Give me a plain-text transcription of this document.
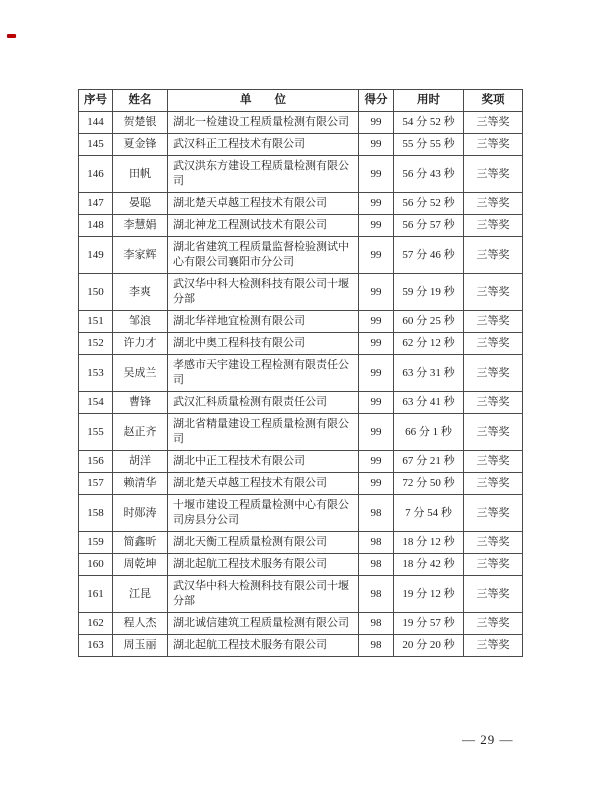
序号	姓名	单　　位	得分	用时	奖项
144	贺楚银	湖北一检建设工程质量检测有限公司	99	54 分 52 秒	三等奖
145	夏金锋	武汉科正工程技术有限公司	99	55 分 55 秒	三等奖
146	田帆	武汉洪东方建设工程质量检测有限公司	99	56 分 43 秒	三等奖
147	晏聪	湖北楚天卓越工程技术有限公司	99	56 分 52 秒	三等奖
148	李慧娟	湖北神龙工程测试技术有限公司	99	56 分 57 秒	三等奖
149	李家辉	湖北省建筑工程质量监督检验测试中心有限公司襄阳市分公司	99	57 分 46 秒	三等奖
150	李爽	武汉华中科大检测科技有限公司十堰分部	99	59 分 19 秒	三等奖
151	邹浪	湖北华祥地宜检测有限公司	99	60 分 25 秒	三等奖
152	许力才	湖北中奥工程科技有限公司	99	62 分 12 秒	三等奖
153	吴成兰	孝感市天宇建设工程检测有限责任公司	99	63 分 31 秒	三等奖
154	曹锋	武汉汇科质量检测有限责任公司	99	63 分 41 秒	三等奖
155	赵正齐	湖北省精量建设工程质量检测有限公司	99	66 分 1 秒	三等奖
156	胡洋	湖北中正工程技术有限公司	99	67 分 21 秒	三等奖
157	赖清华	湖北楚天卓越工程技术有限公司	99	72 分 50 秒	三等奖
158	时郧涛	十堰市建设工程质量检测中心有限公司房县分公司	98	7 分 54 秒	三等奖
159	简鑫昕	湖北天衡工程质量检测有限公司	98	18 分 12 秒	三等奖
160	周乾坤	湖北起航工程技术服务有限公司	98	18 分 42 秒	三等奖
161	江昆	武汉华中科大检测科技有限公司十堰分部	98	19 分 12 秒	三等奖
162	程人杰	湖北诚信建筑工程质量检测有限公司	98	19 分 57 秒	三等奖
163	周玉丽	湖北起航工程技术服务有限公司	98	20 分 20 秒	三等奖
— 29 —
